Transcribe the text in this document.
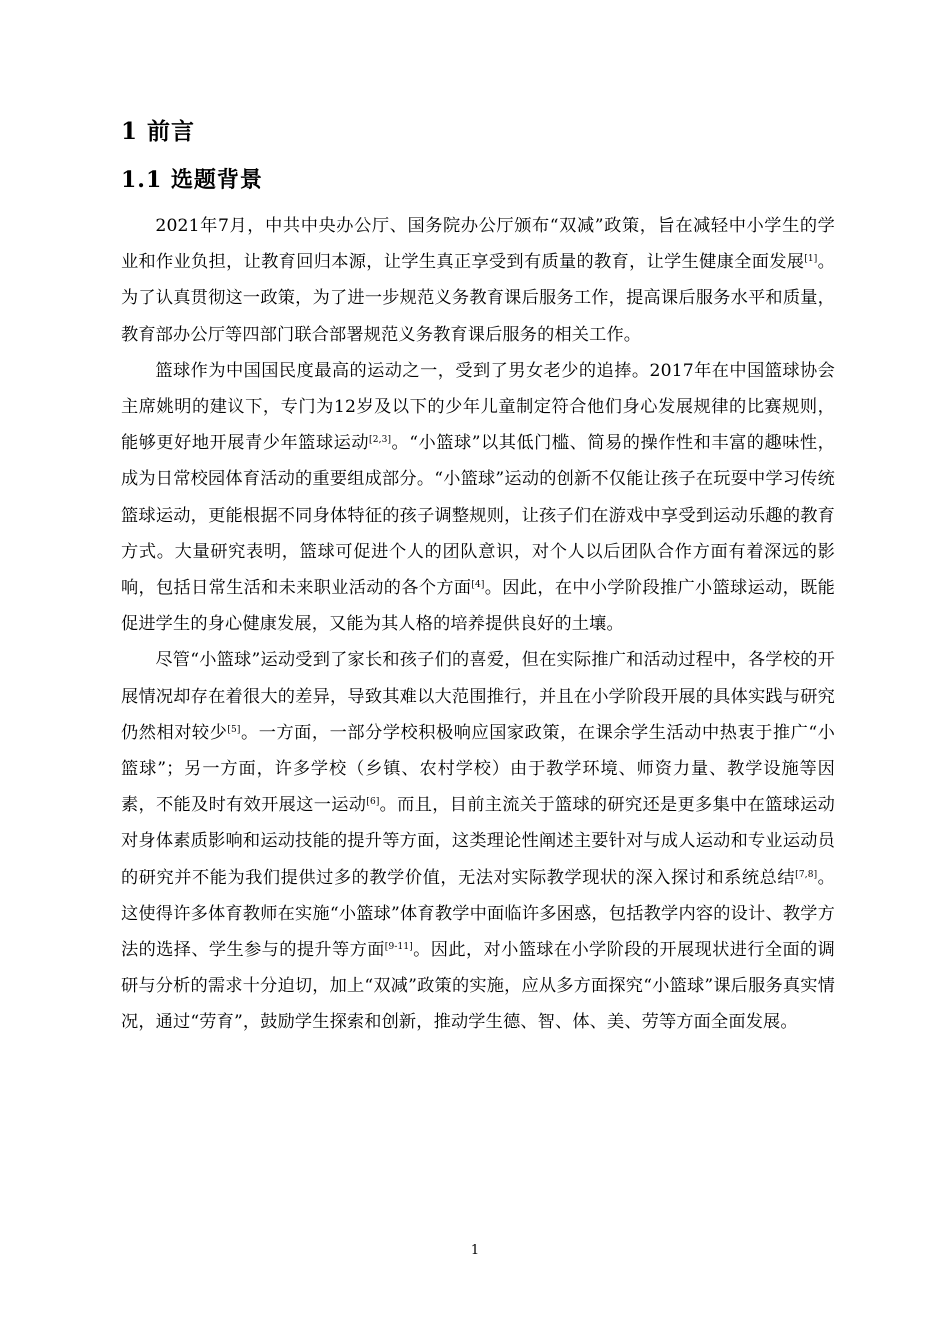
1 前言
1.1 选题背景

2021年7月，中共中央办公厅、国务院办公厅颁布“双减”政策，旨在减轻中小学生的学业和作业负担，让教育回归本源，让学生真正享受到有质量的教育，让学生健康全面发展[1]。为了认真贯彻这一政策，为了进一步规范义务教育课后服务工作，提高课后服务水平和质量，教育部办公厅等四部门联合部署规范义务教育课后服务的相关工作。

篮球作为中国国民度最高的运动之一，受到了男女老少的追捧。2017年在中国篮球协会主席姚明的建议下，专门为12岁及以下的少年儿童制定符合他们身心发展规律的比赛规则，能够更好地开展青少年篮球运动[2,3]。“小篮球”以其低门槛、简易的操作性和丰富的趣味性，成为日常校园体育活动的重要组成部分。“小篮球”运动的创新不仅能让孩子在玩耍中学习传统篮球运动，更能根据不同身体特征的孩子调整规则，让孩子们在游戏中享受到运动乐趣的教育方式。大量研究表明，篮球可促进个人的团队意识，对个人以后团队合作方面有着深远的影响，包括日常生活和未来职业活动的各个方面[4]。因此，在中小学阶段推广小篮球运动，既能促进学生的身心健康发展，又能为其人格的培养提供良好的土壤。

尽管“小篮球”运动受到了家长和孩子们的喜爱，但在实际推广和活动过程中，各学校的开展情况却存在着很大的差异，导致其难以大范围推行，并且在小学阶段开展的具体实践与研究仍然相对较少[5]。一方面，一部分学校积极响应国家政策，在课余学生活动中热衷于推广“小篮球”；另一方面，许多学校（乡镇、农村学校）由于教学环境、师资力量、教学设施等因素，不能及时有效开展这一运动[6]。而且，目前主流关于篮球的研究还是更多集中在篮球运动对身体素质影响和运动技能的提升等方面，这类理论性阐述主要针对与成人运动和专业运动员的研究并不能为我们提供过多的教学价值，无法对实际教学现状的深入探讨和系统总结[7,8]。这使得许多体育教师在实施“小篮球”体育教学中面临许多困惑，包括教学内容的设计、教学方法的选择、学生参与的提升等方面[9-11]。因此，对小篮球在小学阶段的开展现状进行全面的调研与分析的需求十分迫切，加上“双减”政策的实施，应从多方面探究“小篮球”课后服务真实情况，通过“劳育”，鼓励学生探索和创新，推动学生德、智、体、美、劳等方面全面发展。

1
